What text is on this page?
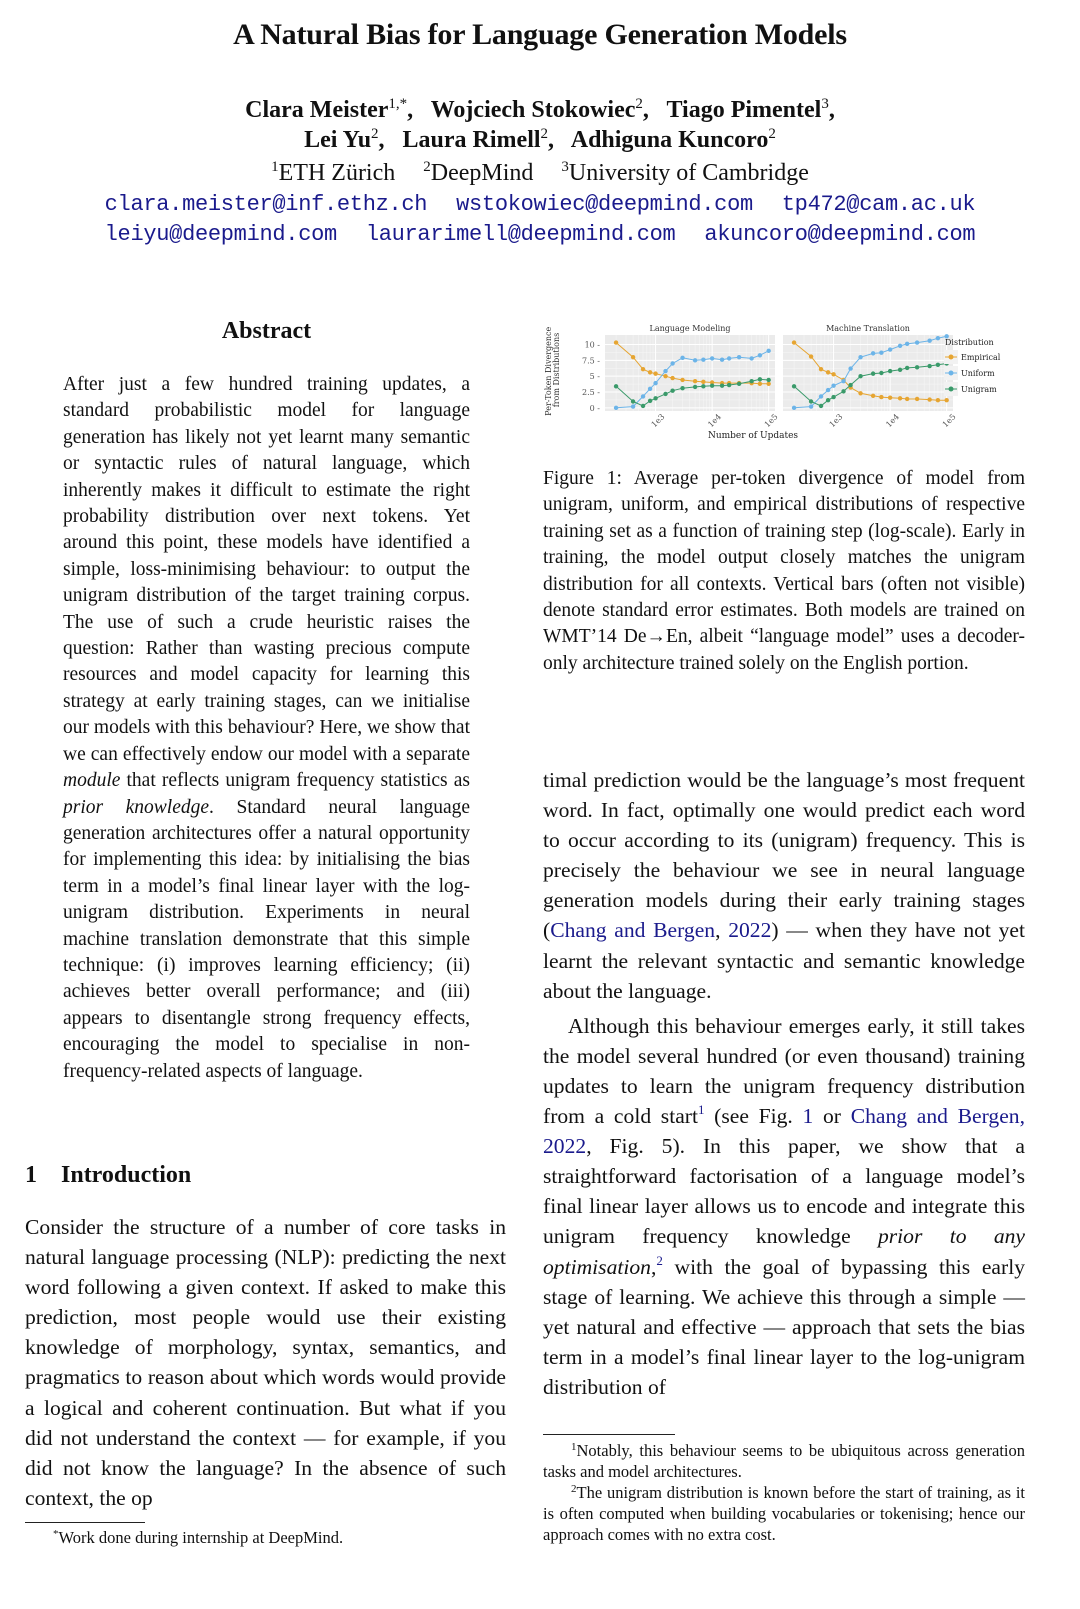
A Natural Bias for Language Generation Models
Clara Meister$^{1,*}$,   Wojciech Stokowiec$^2$,   Tiago Pimentel$^3$,
Lei Yu$^2$,   Laura Rimell$^2$,   Adhiguna Kuncoro$^2$
$^1$ETH Zürich $^2$DeepMind $^3$University of Cambridge
clara.meister@inf.ethz.ch wstokowiec@deepmind.com tp472@cam.ac.uk
leiyu@deepmind.com laurarimell@deepmind.com akuncoro@deepmind.com
Abstract
After just a few hundred training updates, a standard probabilistic model for language generation has likely not yet learnt many semantic or syntactic rules of natural language, which inherently makes it difficult to estimate the right probability distribution over next tokens. Yet around this point, these models have identified a simple, loss-minimising behaviour: to output the unigram distribution of the target training corpus. The use of such a crude heuristic raises the question: Rather than wasting precious compute resources and model capacity for learning this strategy at early training stages, can we initialise our models with this behaviour? Here, we show that we can effectively endow our model with a separate module that reflects unigram frequency statistics as prior knowledge. Standard neural language generation architectures offer a natural opportunity for implementing this idea: by initialising the bias term in a model’s final linear layer with the log-unigram distribution. Experiments in neural machine translation demonstrate that this simple technique: (i) improves learning efficiency; (ii) achieves better overall performance; and (iii) appears to disentangle strong frequency effects, encouraging the model to specialise in non-frequency-related aspects of language.
1 Introduction
Consider the structure of a number of core tasks in natural language processing (NLP): predicting the next word following a given context. If asked to make this prediction, most people would use their existing knowledge of morphology, syntax, semantics, and pragmatics to reason about which words would provide a logical and coherent continuation. But what if you did not understand the context — for example, if you did not know the language? In the absence of such context, the op
*Work done during internship at DeepMind.
1e3	1e4	1e5
Language Modeling
1e3	1e4	1e5
Machine Translation
0 -
2.5 -
5 -
7.5 -
10 -
Per-Token Divergence from Distributions
Number of Updates
Distribution
Empirical
Uniform
Unigram
Figure 1: Average per-token divergence of model from unigram, uniform, and empirical distributions of respective training set as a function of training step (log-scale). Early in training, the model output closely matches the unigram distribution for all contexts. Vertical bars (often not visible) denote standard error estimates. Both models are trained on WMT’14 De→En, albeit “language model” uses a decoder-only architecture trained solely on the English portion.

timal prediction would be the language’s most frequent word. In fact, optimally one would predict each word to occur according to its (unigram) frequency. This is precisely the behaviour we see in neural language generation models during their early training stages (Chang and Bergen, 2022) — when they have not yet learnt the relevant syntactic and semantic knowledge about the language.

Although this behaviour emerges early, it still takes the model several hundred (or even thousand) training updates to learn the unigram frequency distribution from a cold start$^1$ (see Fig. 1 or Chang and Bergen, 2022, Fig. 5). In this paper, we show that a straightforward factorisation of a language model’s final linear layer allows us to encode and integrate this unigram frequency knowledge prior to any optimisation,$^2$ with the goal of bypassing this early stage of learning. We achieve this through a simple — yet natural and effective — approach that sets the bias term in a model’s final linear layer to the log-unigram distribution of

$^1$Notably, this behaviour seems to be ubiquitous across generation tasks and model architectures.

$^2$The unigram distribution is known before the start of training, as it is often computed when building vocabularies or tokenising; hence our approach comes with no extra cost.
